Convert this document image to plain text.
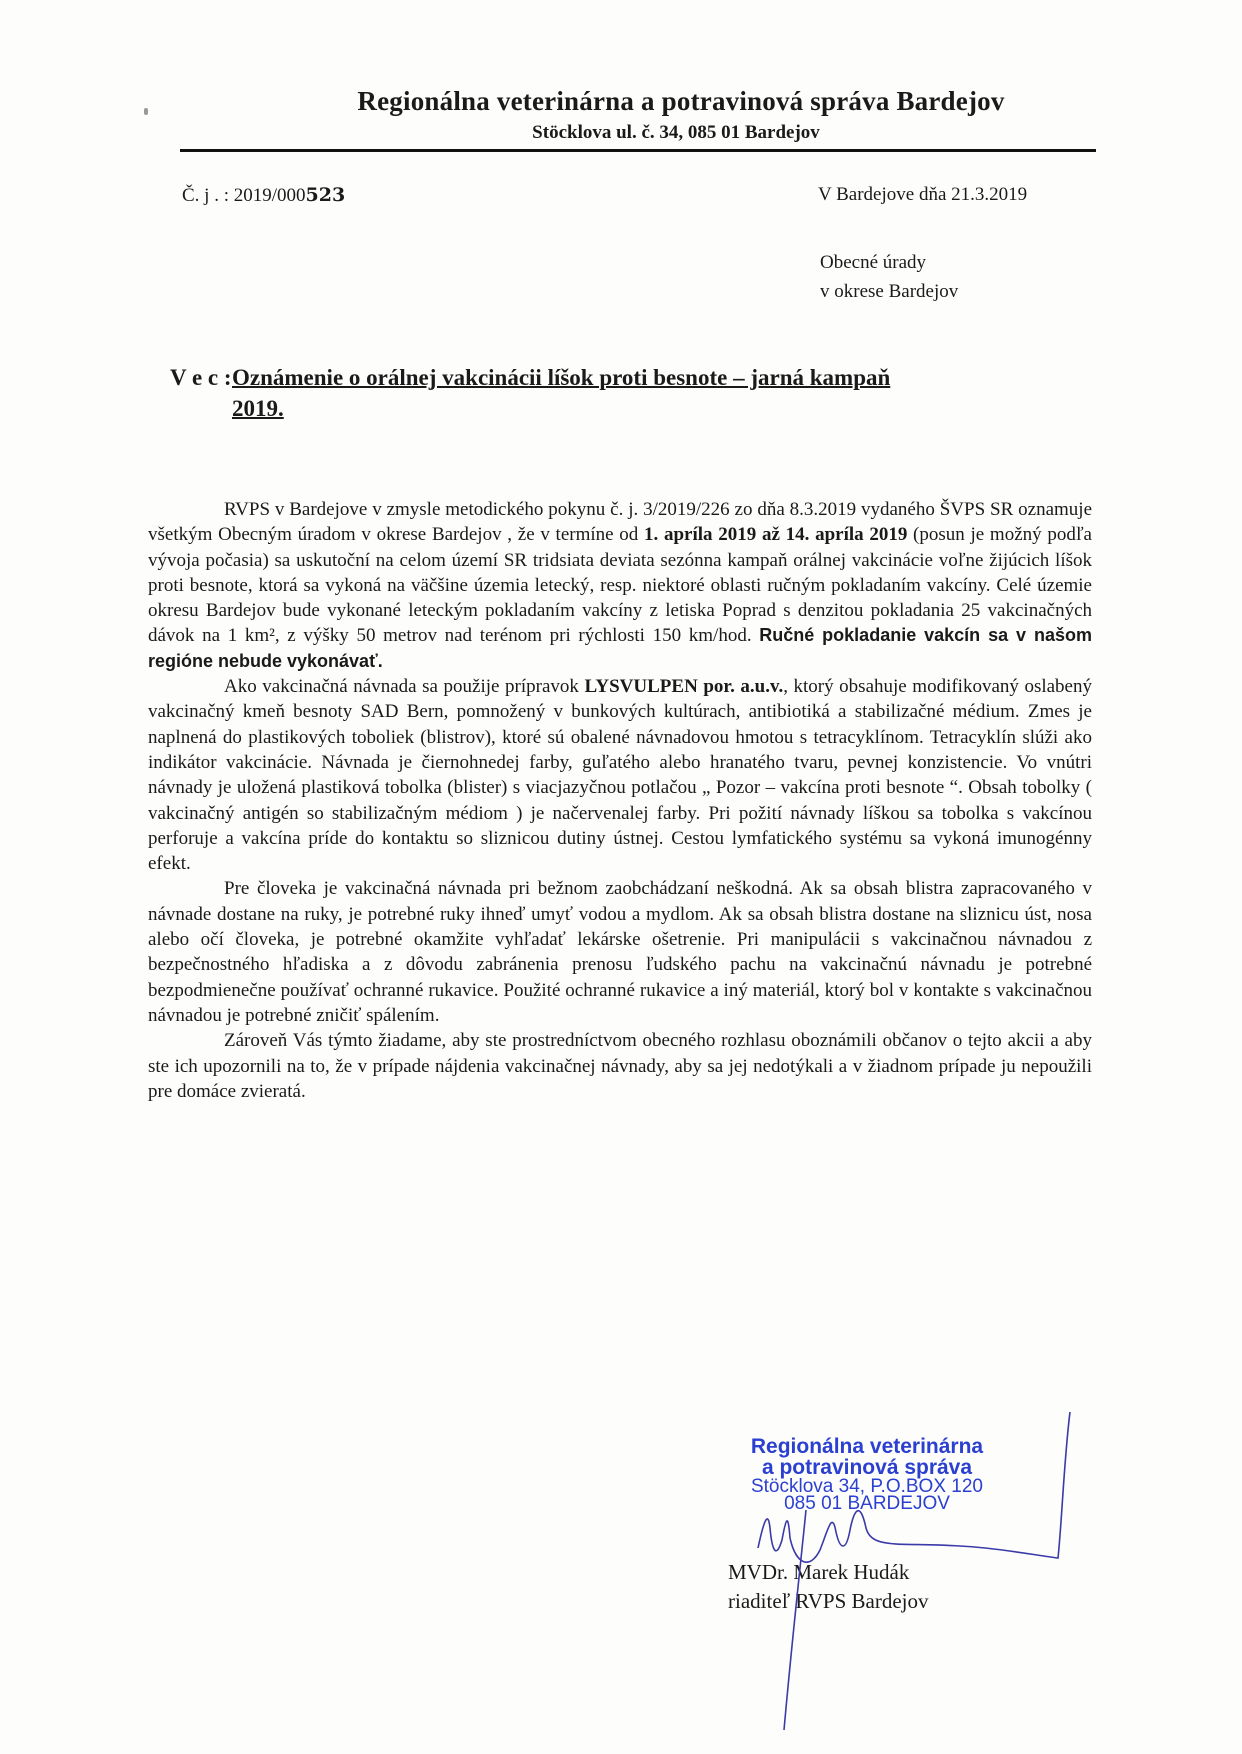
Regionálna veterinárna a potravinová správa Bardejov
Stöcklova ul. č. 34, 085 01 Bardejov
Č. j . : 2019/000523	V Bardejove dňa 21.3.2019
Obecné úrady
v okrese Bardejov
V e c :Oznámenie o orálnej vakcinácii líšok proti besnote – jarná kampaň
2019.

RVPS v Bardejove v zmysle metodického pokynu č. j. 3/2019/226 zo dňa 8.3.2019 vydaného ŠVPS SR oznamuje všetkým Obecným úradom v okrese Bardejov , že v termíne od 1. apríla 2019 až 14. apríla 2019 (posun je možný podľa vývoja počasia) sa uskutoční na celom území SR tridsiata deviata sezónna kampaň orálnej vakcinácie voľne žijúcich líšok proti besnote, ktorá sa vykoná na väčšine územia letecký, resp. niektoré oblasti ručným pokladaním vakcíny. Celé územie okresu Bardejov bude vykonané leteckým pokladaním vakcíny z letiska Poprad s denzitou pokladania 25 vakcinačných dávok na 1 km², z výšky 50 metrov nad terénom pri rýchlosti 150 km/hod. Ručné pokladanie vakcín sa v našom regióne nebude vykonávať.

Ako vakcinačná návnada sa použije prípravok LYSVULPEN por. a.u.v., ktorý obsahuje modifikovaný oslabený vakcinačný kmeň besnoty SAD Bern, pomnožený v bunkových kultúrach, antibiotiká a stabilizačné médium. Zmes je naplnená do plastikových toboliek (blistrov), ktoré sú obalené návnadovou hmotou s tetracyklínom. Tetracyklín slúži ako indikátor vakcinácie. Návnada je čiernohnedej farby, guľatého alebo hranatého tvaru, pevnej konzistencie. Vo vnútri návnady je uložená plastiková tobolka (blister) s viacjazyčnou potlačou „ Pozor – vakcína proti besnote “. Obsah tobolky ( vakcinačný antigén so stabilizačným médiom ) je načervenalej farby. Pri požití návnady líškou sa tobolka s vakcínou perforuje a vakcína príde do kontaktu so sliznicou dutiny ústnej. Cestou lymfatického systému sa vykoná imunogénny efekt.

Pre človeka je vakcinačná návnada pri bežnom zaobchádzaní neškodná. Ak sa obsah blistra zapracovaného v návnade dostane na ruky, je potrebné ruky ihneď umyť vodou a mydlom. Ak sa obsah blistra dostane na sliznicu úst, nosa alebo očí človeka, je potrebné okamžite vyhľadať lekárske ošetrenie. Pri manipulácii s vakcinačnou návnadou z bezpečnostného hľadiska a z dôvodu zabránenia prenosu ľudského pachu na vakcinačnú návnadu je potrebné bezpodmienečne používať ochranné rukavice. Použité ochranné rukavice a iný materiál, ktorý bol v kontakte s vakcinačnou návnadou je potrebné zničiť spálením.

Zároveň Vás týmto žiadame, aby ste prostredníctvom obecného rozhlasu oboznámili občanov o tejto akcii a aby ste ich upozornili na to, že v prípade nájdenia vakcinačnej návnady, aby sa jej nedotýkali a v žiadnom prípade ju nepoužili pre domáce zvieratá.

Regionálna veterinárna
a potravinová správa
Stöcklova 34, P.O.BOX 120
085 01 BARDEJOV
MVDr. Marek Hudák
riaditeľ RVPS Bardejov
